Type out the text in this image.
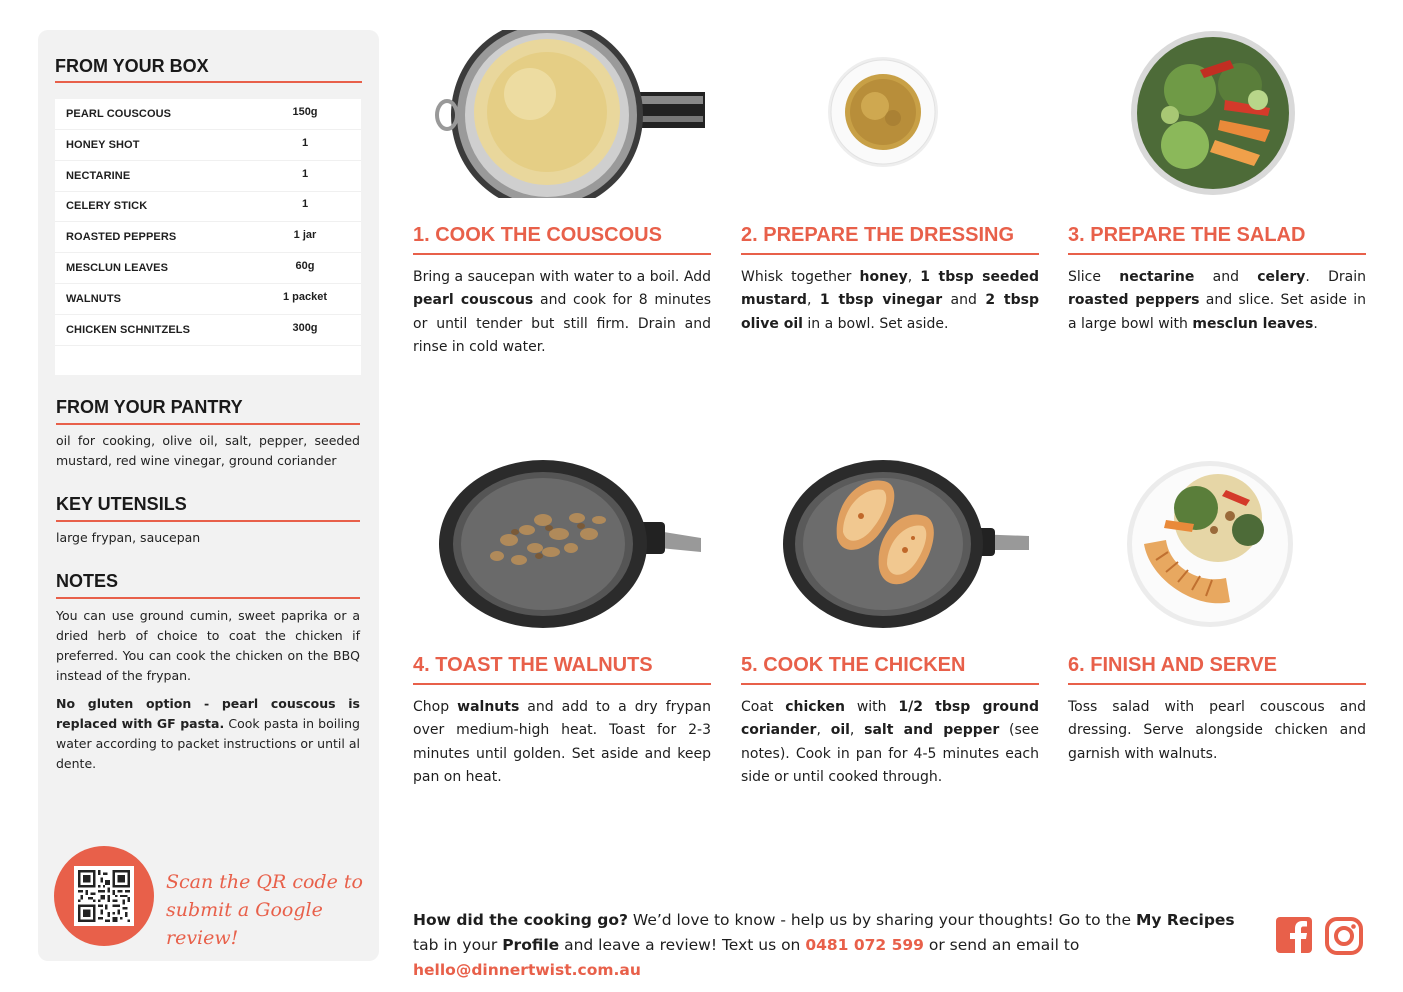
FROM YOUR BOX
PEARL COUSCOUS	150g
HONEY SHOT	1
NECTARINE	1
CELERY STICK	1
ROASTED PEPPERS	1 jar
MESCLUN LEAVES	60g
WALNUTS	1 packet
CHICKEN SCHNITZELS	300g
FROM YOUR PANTRY
oil for cooking, olive oil, salt, pepper, seeded mustard, red wine vinegar, ground coriander
KEY UTENSILS
large frypan, saucepan
NOTES
You can use ground cumin, sweet paprika or a dried herb of choice to coat the chicken if preferred. You can cook the chicken on the BBQ instead of the frypan.
No gluten option - pearl couscous is replaced with GF pasta. Cook pasta in boiling water according to packet instructions or until al dente.
Scan the QR code to
submit a Google review!
1. COOK THE COUSCOUS
Bring a saucepan with water to a boil. Add pearl couscous and cook for 8 minutes or until tender but still firm. Drain and rinse in cold water.
2. PREPARE THE DRESSING
Whisk together honey, 1 tbsp seeded mustard, 1 tbsp vinegar and 2 tbsp olive oil in a bowl. Set aside.
3. PREPARE THE SALAD
Slice nectarine and celery. Drain roasted peppers and slice. Set aside in a large bowl with mesclun leaves.
4. TOAST THE WALNUTS
Chop walnuts and add to a dry frypan over medium-high heat. Toast for 2-3 minutes until golden. Set aside and keep pan on heat.
5. COOK THE CHICKEN
Coat chicken with 1/2 tbsp ground coriander, oil, salt and pepper (see notes). Cook in pan for 4-5 minutes each side or until cooked through.
6. FINISH AND SERVE
Toss salad with pearl couscous and dressing. Serve alongside chicken and garnish with walnuts.
How did the cooking go? We’d love to know - help us by sharing your thoughts! Go to the My Recipes tab in your Profile and leave a review! Text us on 0481 072 599 or send an email to hello@dinnertwist.com.au
